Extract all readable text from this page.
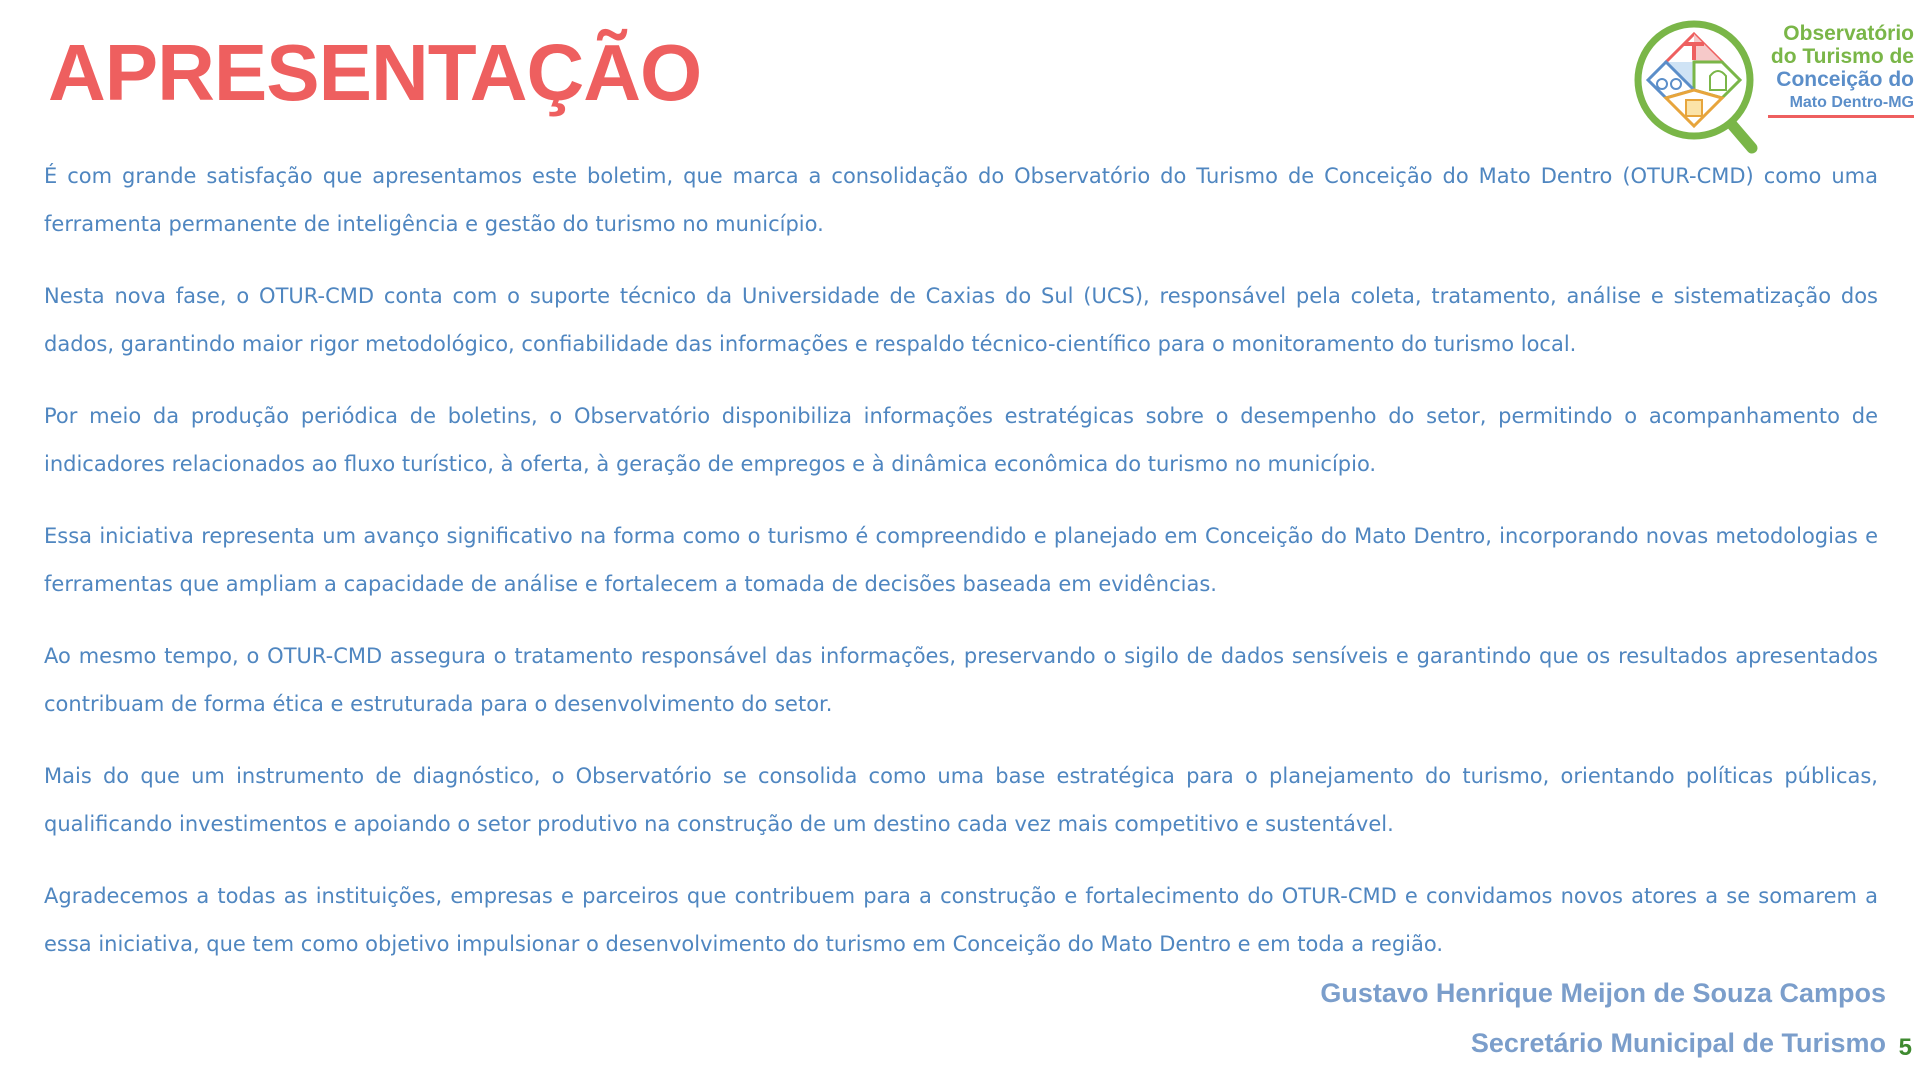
APRESENTAÇÃO	Observatório
do Turismo de
Conceição do
Mato Dentro-MG

É com grande satisfação que apresentamos este boletim, que marca a consolidação do Observatório do Turismo de Conceição do Mato Dentro (OTUR-CMD) como uma ferramenta permanente de inteligência e gestão do turismo no município.

Nesta nova fase, o OTUR-CMD conta com o suporte técnico da Universidade de Caxias do Sul (UCS), responsável pela coleta, tratamento, análise e sistematização dos dados, garantindo maior rigor metodológico, confiabilidade das informações e respaldo técnico-científico para o monitoramento do turismo local.

Por meio da produção periódica de boletins, o Observatório disponibiliza informações estratégicas sobre o desempenho do setor, permitindo o acompanhamento de indicadores relacionados ao fluxo turístico, à oferta, à geração de empregos e à dinâmica econômica do turismo no município.

Essa iniciativa representa um avanço significativo na forma como o turismo é compreendido e planejado em Conceição do Mato Dentro, incorporando novas metodologias e ferramentas que ampliam a capacidade de análise e fortalecem a tomada de decisões baseada em evidências.

Ao mesmo tempo, o OTUR-CMD assegura o tratamento responsável das informações, preservando o sigilo de dados sensíveis e garantindo que os resultados apresentados contribuam de forma ética e estruturada para o desenvolvimento do setor.

Mais do que um instrumento de diagnóstico, o Observatório se consolida como uma base estratégica para o planejamento do turismo, orientando políticas públicas, qualificando investimentos e apoiando o setor produtivo na construção de um destino cada vez mais competitivo e sustentável.

Agradecemos a todas as instituições, empresas e parceiros que contribuem para a construção e fortalecimento do OTUR-CMD e convidamos novos atores a se somarem a essa iniciativa, que tem como objetivo impulsionar o desenvolvimento do turismo em Conceição do Mato Dentro e em toda a região.

Gustavo Henrique Meijon de Souza Campos
Secretário Municipal de Turismo 5
